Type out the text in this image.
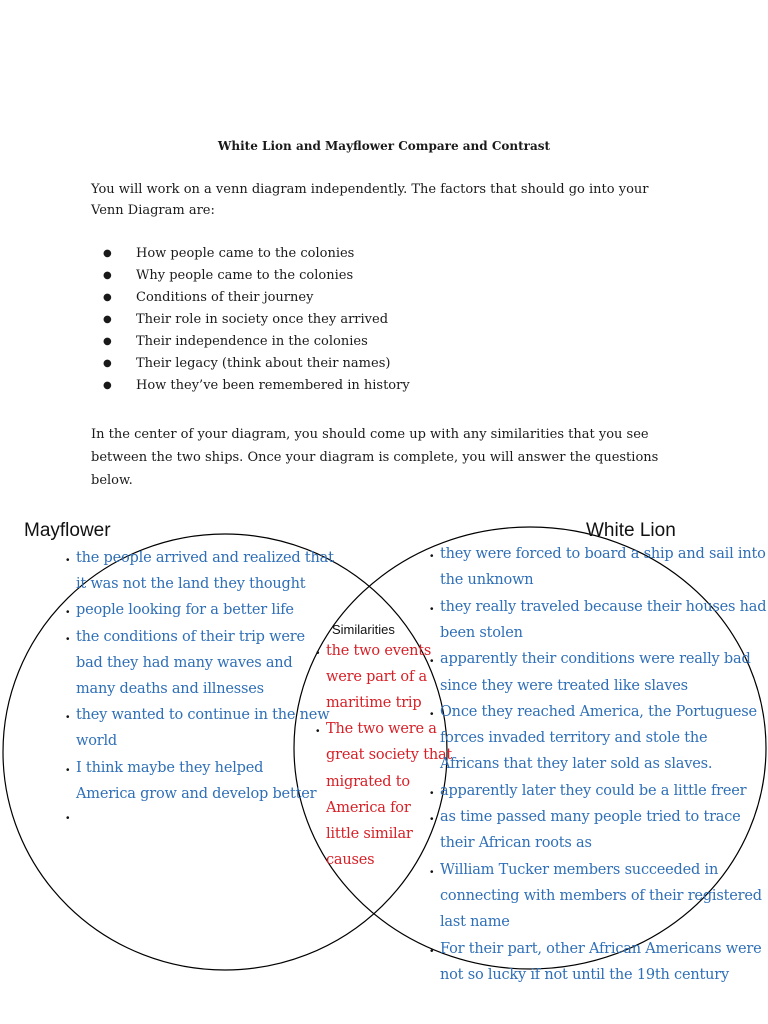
White Lion and Mayflower Compare and Contrast

You will work on a venn diagram independently. The factors that should go into your Venn Diagram are:

● How people came to the colonies
● Why people came to the colonies
● Conditions of their journey
● Their role in society once they arrived
● Their independence in the colonies
● Their legacy (think about their names)
● How they’ve been remembered in history

In the center of your diagram, you should come up with any similarities that you see between the two ships. Once your diagram is complete, you will answer the questions below.

Mayflower	White Lion
Similarities
• the people arrived and realized that
it was not the land they thought
• people looking for a better life
• the conditions of their trip were
bad they had many waves and
many deaths and illnesses
• they wanted to continue in the new
world
• I think maybe they helped
America grow and develop better
•
• the two events
were part of a
maritime trip
• The two were a
great society that
migrated to
America for
little similar
causes
• they were forced to board a ship and sail into
the unknown
• they really traveled because their houses had
been stolen
• apparently their conditions were really bad
since they were treated like slaves
• Once they reached America, the Portuguese
forces invaded territory and stole the
Africans that they later sold as slaves.
• apparently later they could be a little freer
• as time passed many people tried to trace
their African roots as
• William Tucker members succeeded in
connecting with members of their registered
last name
• For their part, other African Americans were
not so lucky if not until the 19th century
